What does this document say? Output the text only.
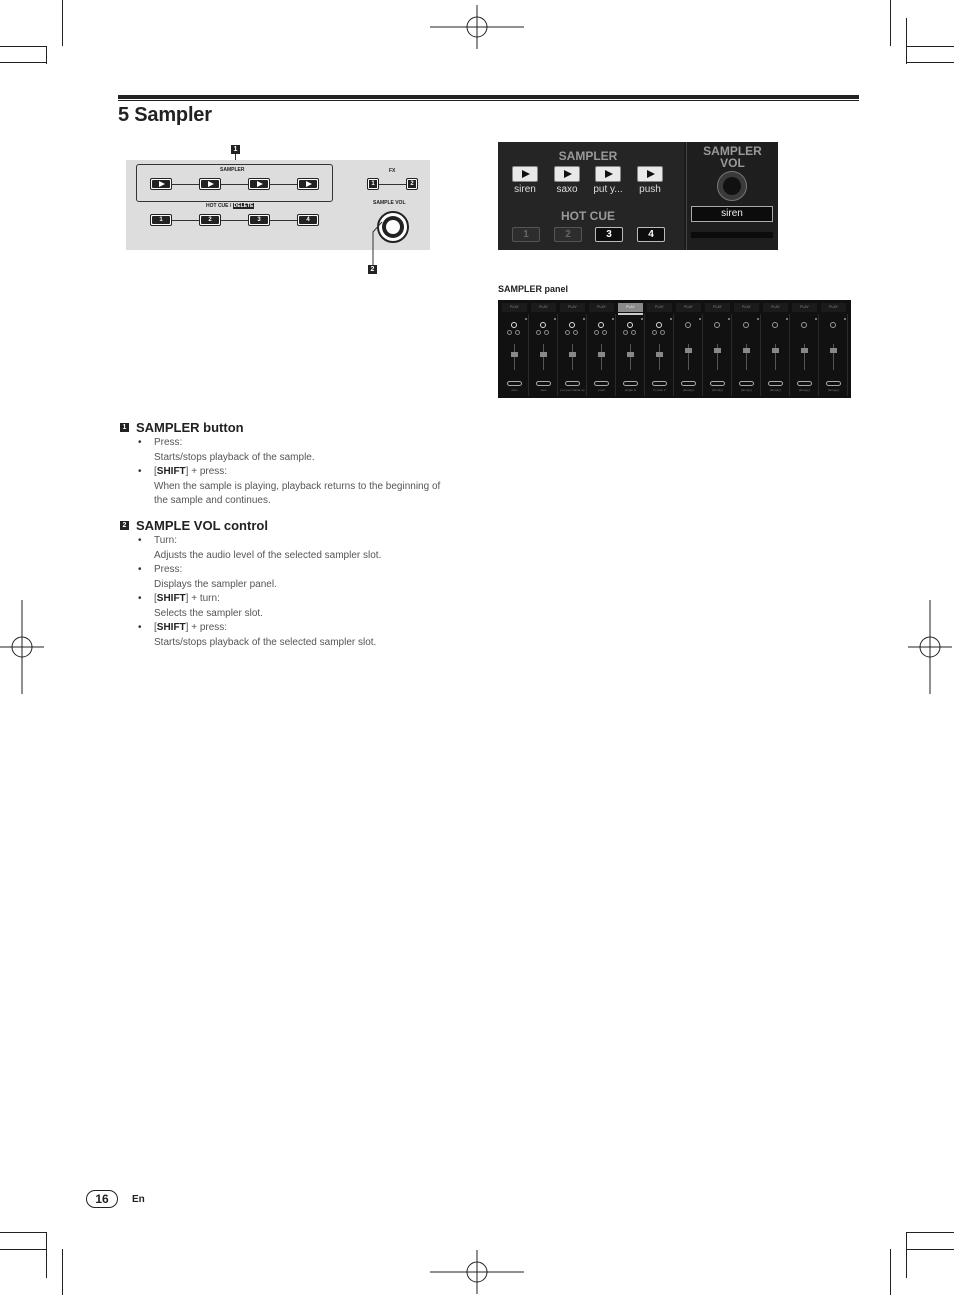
5 Sampler
1
SAMPLER
HOT CUE / DELETE
1	2	3	4
FX
1	2
SAMPLE VOL
2
SAMPLER
siren	saxo	put y...	push
HOT CUE
1	2	3	4
SAMPLER
VOL
siren
SAMPLER panel
PLAY
siren
PLAY
saxo
PLAY
put your hands up
PLAY
push
PLAY
jungle fx
PLAY
fx siren 2
PLAY
[Empty]
PLAY
[Empty]
PLAY
[Empty]
PLAY
[Empty]
PLAY
[Empty]
PLAY
[Empty]
1 SAMPLER button
• Press:
Starts/stops playback of the sample.
• [SHIFT] + press:
When the sample is playing, playback returns to the beginning of
the sample and continues.
2 SAMPLE VOL control
• Turn:
Adjusts the audio level of the selected sampler slot.
• Press:
Displays the sampler panel.
• [SHIFT] + turn:
Selects the sampler slot.
• [SHIFT] + press:
Starts/stops playback of the selected sampler slot.
16	En
